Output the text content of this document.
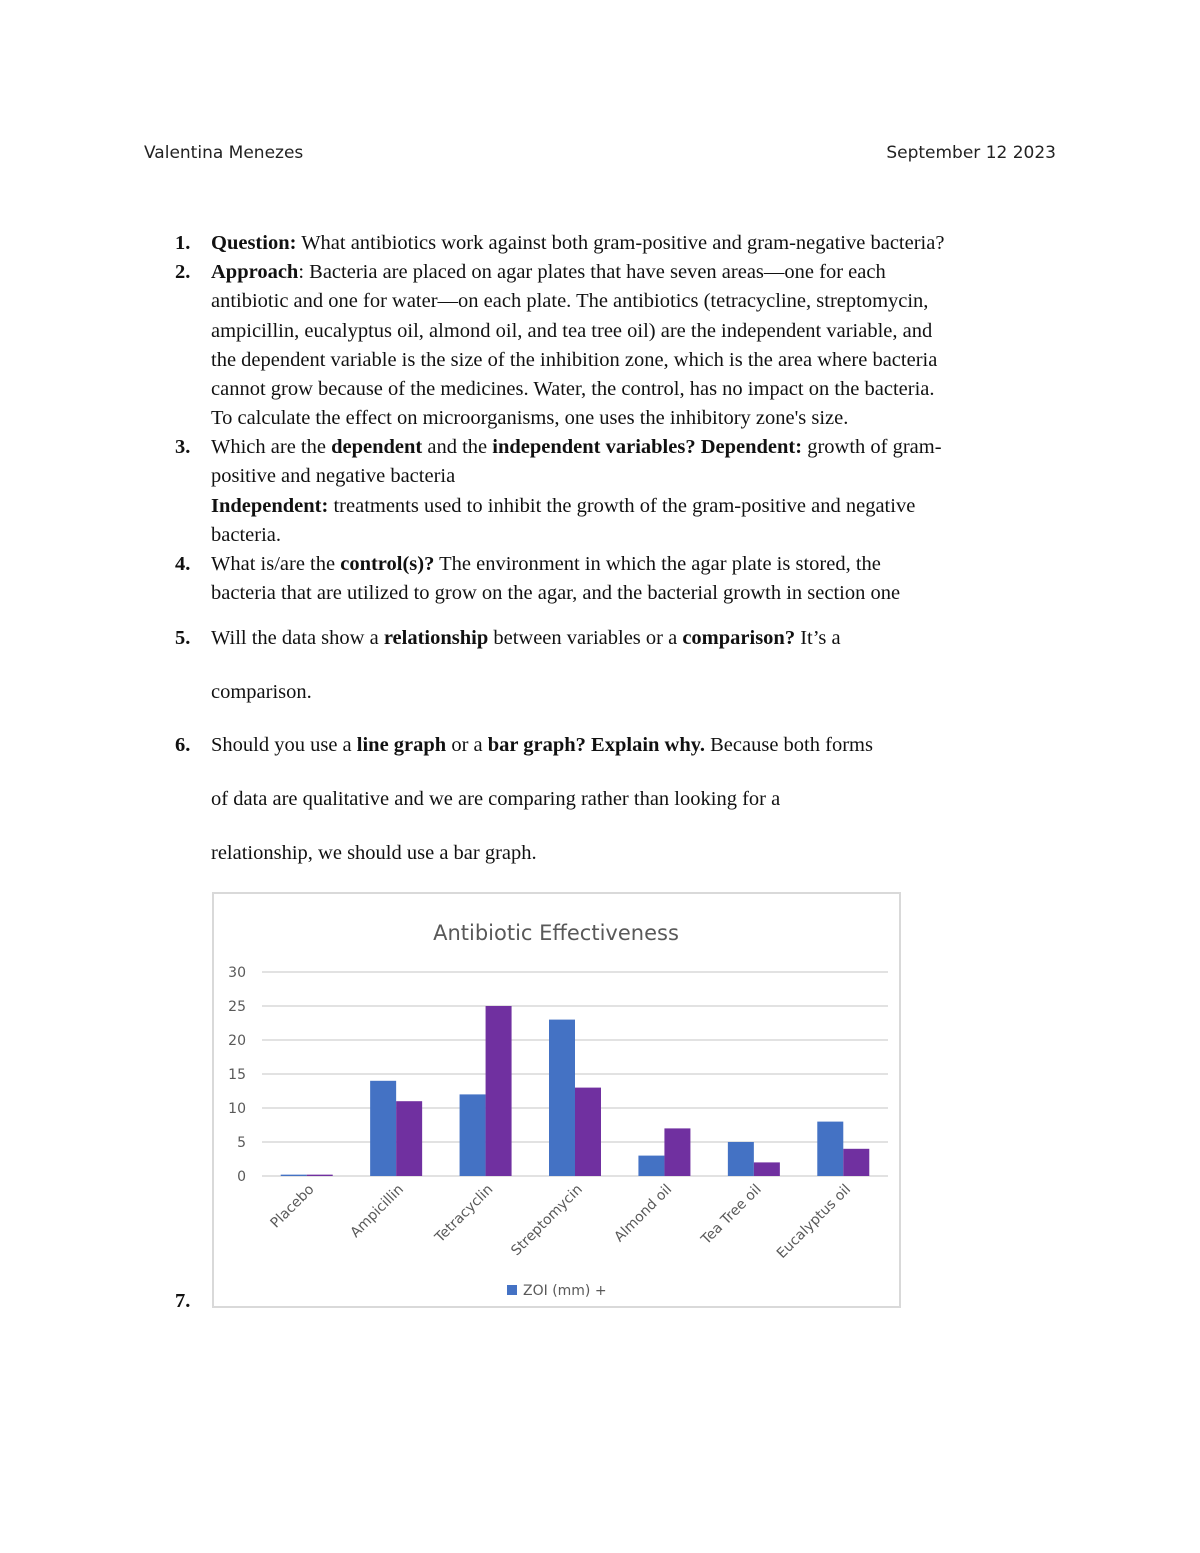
Valentina Menezes	September 12 2023
1. Question: What antibiotics work against both gram-positive and gram-negative bacteria?
2. Approach: Bacteria are placed on agar plates that have seven areas—one for each
antibiotic and one for water—on each plate. The antibiotics (tetracycline, streptomycin,
ampicillin, eucalyptus oil, almond oil, and tea tree oil) are the independent variable, and
the dependent variable is the size of the inhibition zone, which is the area where bacteria
cannot grow because of the medicines. Water, the control, has no impact on the bacteria.
To calculate the effect on microorganisms, one uses the inhibitory zone's size.
3. Which are the dependent and the independent variables? Dependent: growth of gram-
positive and negative bacteria
Independent: treatments used to inhibit the growth of the gram-positive and negative
bacteria.
4. What is/are the control(s)? The environment in which the agar plate is stored, the
bacteria that are utilized to grow on the agar, and the bacterial growth in section one
5. Will the data show a relationship between variables or a comparison? It’s a
comparison.
6. Should you use a line graph or a bar graph? Explain why. Because both forms
of data are qualitative and we are comparing rather than looking for a
relationship, we should use a bar graph.
Antibiotic Effectiveness
0
5
10
15
20
25
30
Placebo Ampicillin Tetracyclin Streptomycin Almond oil Tea Tree oil Eucalyptus oil
ZOI (mm) +
7.
